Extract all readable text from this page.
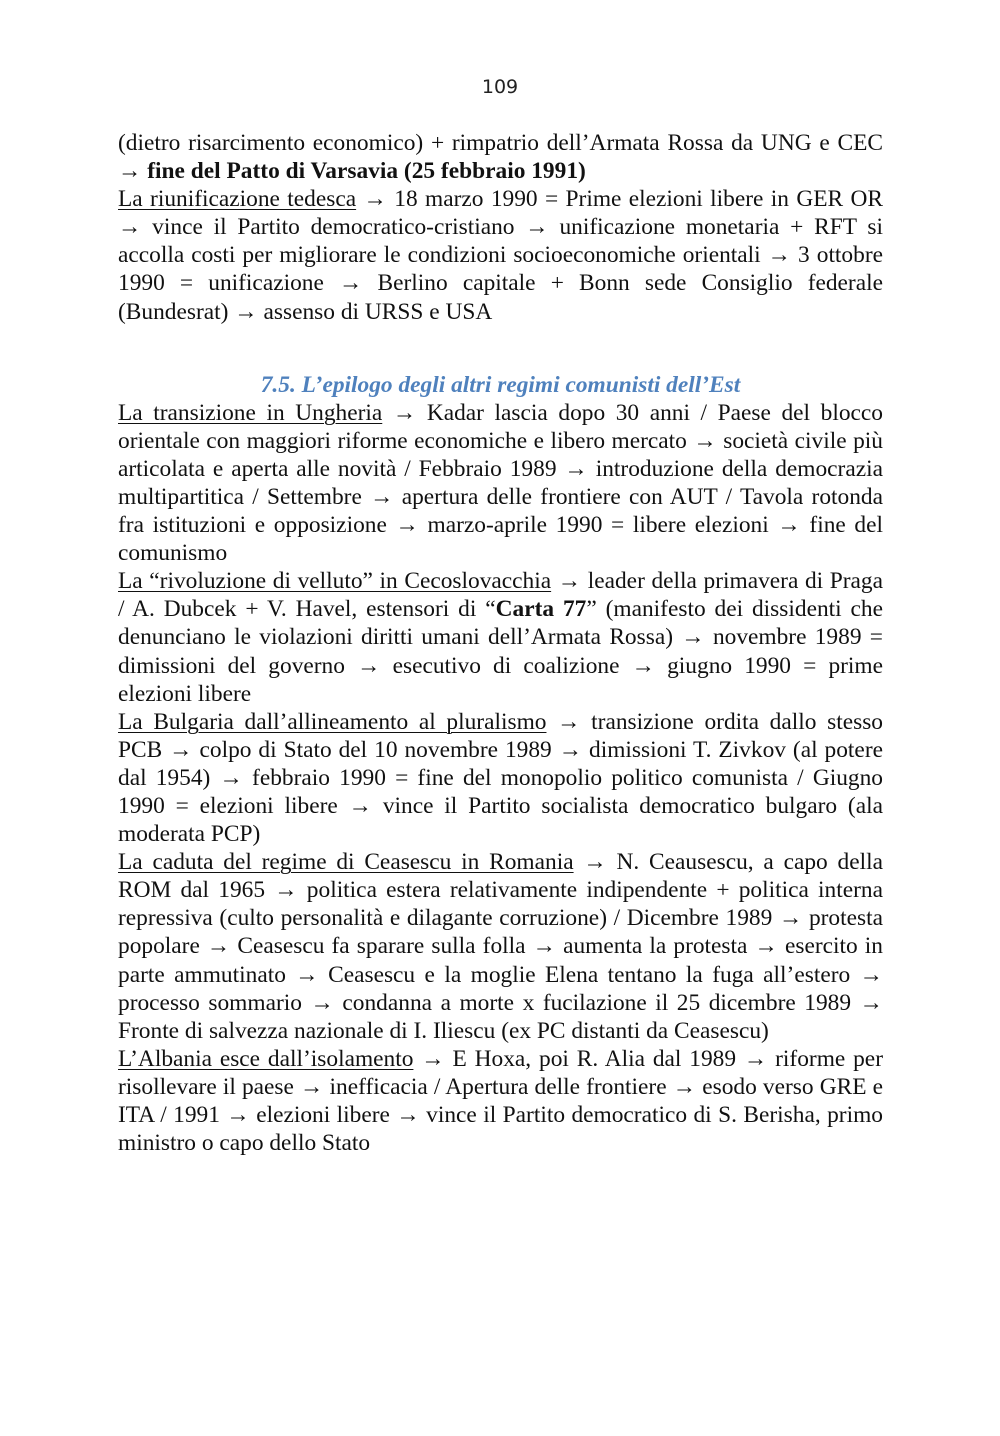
109

(dietro risarcimento economico) + rimpatrio dell’Armata Rossa da UNG e CEC → fine del Patto di Varsavia (25 febbraio 1991)

La riunificazione tedesca → 18 marzo 1990 = Prime elezioni libere in GER OR → vince il Partito democratico-cristiano → unificazione monetaria + RFT si accolla costi per migliorare le condizioni socioeconomiche orientali → 3 ottobre 1990 = unificazione → Berlino capitale + Bonn sede Consiglio federale (Bundesrat) → assenso di URSS e USA

7.5. L’epilogo degli altri regimi comunisti dell’Est

La transizione in Ungheria → Kadar lascia dopo 30 anni / Paese del blocco orientale con maggiori riforme economiche e libero mercato → società civile più articolata e aperta alle novità / Febbraio 1989 → introduzione della democrazia multipartitica / Settembre → apertura delle frontiere con AUT / Tavola rotonda fra istituzioni e opposizione → marzo-aprile 1990 = libere elezioni → fine del comunismo

La “rivoluzione di velluto” in Cecoslovacchia → leader della primavera di Praga / A. Dubcek + V. Havel, estensori di “Carta 77” (manifesto dei dissidenti che denunciano le violazioni diritti umani dell’Armata Rossa) → novembre 1989 = dimissioni del governo → esecutivo di coalizione → giugno 1990 = prime elezioni libere

La Bulgaria dall’allineamento al pluralismo → transizione ordita dallo stesso PCB → colpo di Stato del 10 novembre 1989 → dimissioni T. Zivkov (al potere dal 1954) → febbraio 1990 = fine del monopolio politico comunista / Giugno 1990 = elezioni libere → vince il Partito socialista democratico bulgaro (ala moderata PCP)

La caduta del regime di Ceasescu in Romania → N. Ceausescu, a capo della ROM dal 1965 → politica estera relativamente indipendente + politica interna repressiva (culto personalità e dilagante corruzione) / Dicembre 1989 → protesta popolare → Ceasescu fa sparare sulla folla → aumenta la protesta → esercito in parte ammutinato → Ceasescu e la moglie Elena tentano la fuga all’estero → processo sommario → condanna a morte x fucilazione il 25 dicembre 1989 → Fronte di salvezza nazionale di I. Iliescu (ex PC distanti da Ceasescu)

L’Albania esce dall’isolamento → E Hoxa, poi R. Alia dal 1989 → riforme per risollevare il paese → inefficacia / Apertura delle frontiere → esodo verso GRE e ITA / 1991 → elezioni libere → vince il Partito democratico di S. Berisha, primo ministro o capo dello Stato
